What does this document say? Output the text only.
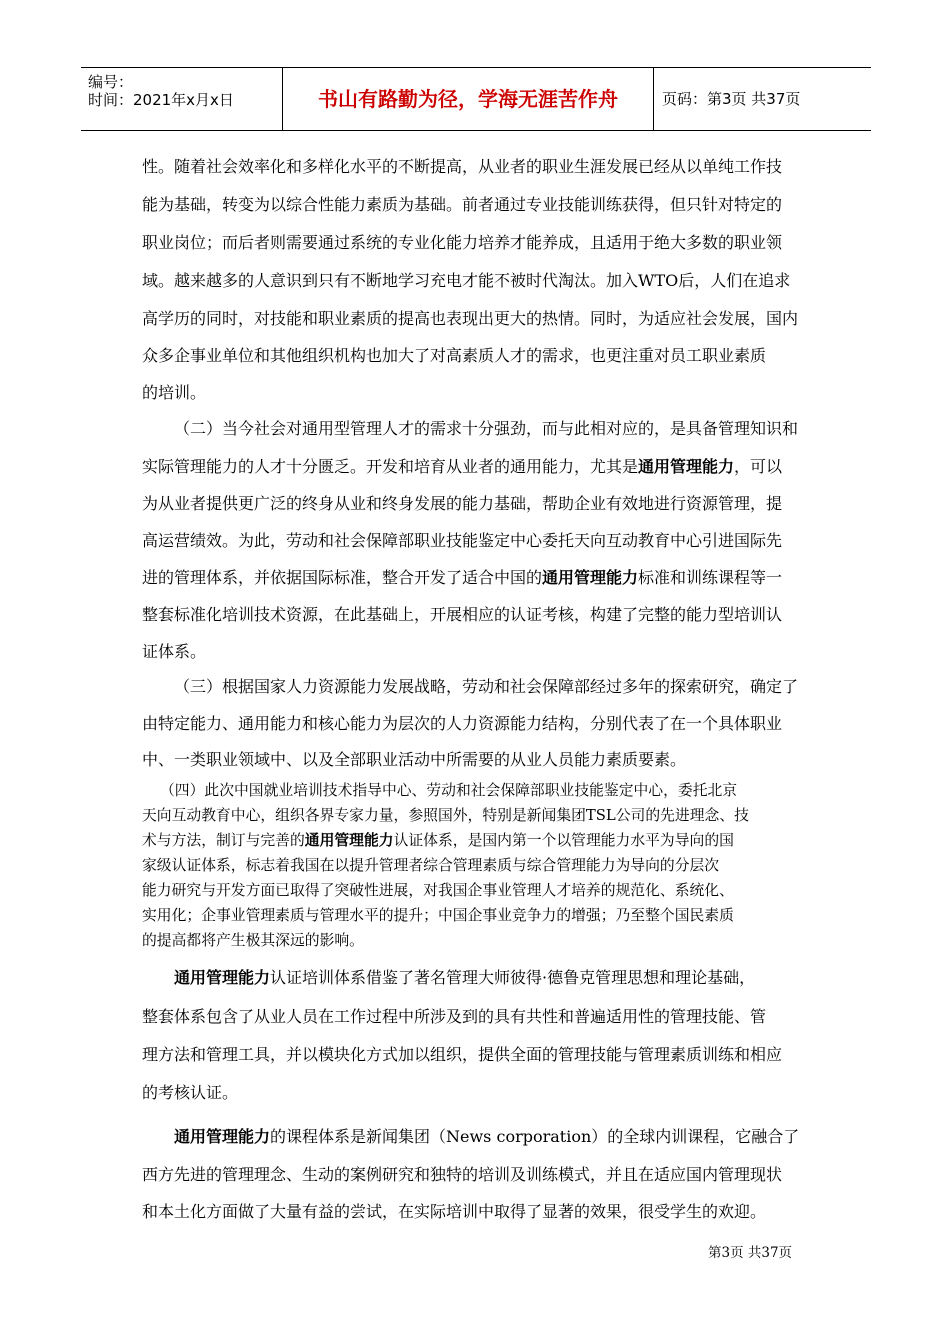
编号：
时间：2021年x月x日	书山有路勤为径，学海无涯苦作舟	页码：第3页 共37页
性。随着社会效率化和多样化水平的不断提高，从业者的职业生涯发展已经从以单纯工作技
能为基础，转变为以综合性能力素质为基础。前者通过专业技能训练获得，但只针对特定的
职业岗位；而后者则需要通过系统的专业化能力培养才能养成，且适用于绝大多数的职业领
域。越来越多的人意识到只有不断地学习充电才能不被时代淘汰。加入WTO后，人们在追求
高学历的同时，对技能和职业素质的提高也表现出更大的热情。同时，为适应社会发展，国内
众多企事业单位和其他组织机构也加大了对高素质人才的需求，也更注重对员工职业素质
的培训。
（二）当今社会对通用型管理人才的需求十分强劲，而与此相对应的，是具备管理知识和
实际管理能力的人才十分匮乏。开发和培育从业者的通用能力，尤其是通用管理能力，可以
为从业者提供更广泛的终身从业和终身发展的能力基础，帮助企业有效地进行资源管理，提
高运营绩效。为此，劳动和社会保障部职业技能鉴定中心委托天向互动教育中心引进国际先
进的管理体系，并依据国际标准，整合开发了适合中国的通用管理能力标准和训练课程等一
整套标准化培训技术资源，在此基础上，开展相应的认证考核，构建了完整的能力型培训认
证体系。
（三）根据国家人力资源能力发展战略，劳动和社会保障部经过多年的探索研究，确定了
由特定能力、通用能力和核心能力为层次的人力资源能力结构，分别代表了在一个具体职业
中、一类职业领域中、以及全部职业活动中所需要的从业人员能力素质要素。
（四）此次中国就业培训技术指导中心、劳动和社会保障部职业技能鉴定中心，委托北京
天向互动教育中心，组织各界专家力量，参照国外，特别是新闻集团TSL公司的先进理念、技
术与方法，制订与完善的通用管理能力认证体系，是国内第一个以管理能力水平为导向的国
家级认证体系，标志着我国在以提升管理者综合管理素质与综合管理能力为导向的分层次
能力研究与开发方面已取得了突破性进展，对我国企事业管理人才培养的规范化、系统化、
实用化；企事业管理素质与管理水平的提升；中国企事业竞争力的增强；乃至整个国民素质
的提高都将产生极其深远的影响。
通用管理能力认证培训体系借鉴了著名管理大师彼得·德鲁克管理思想和理论基础，
整套体系包含了从业人员在工作过程中所涉及到的具有共性和普遍适用性的管理技能、管
理方法和管理工具，并以模块化方式加以组织，提供全面的管理技能与管理素质训练和相应
的考核认证。
通用管理能力的课程体系是新闻集团（News corporation）的全球内训课程，它融合了
西方先进的管理理念、生动的案例研究和独特的培训及训练模式，并且在适应国内管理现状
和本土化方面做了大量有益的尝试，在实际培训中取得了显著的效果，很受学生的欢迎。
第3页 共37页
